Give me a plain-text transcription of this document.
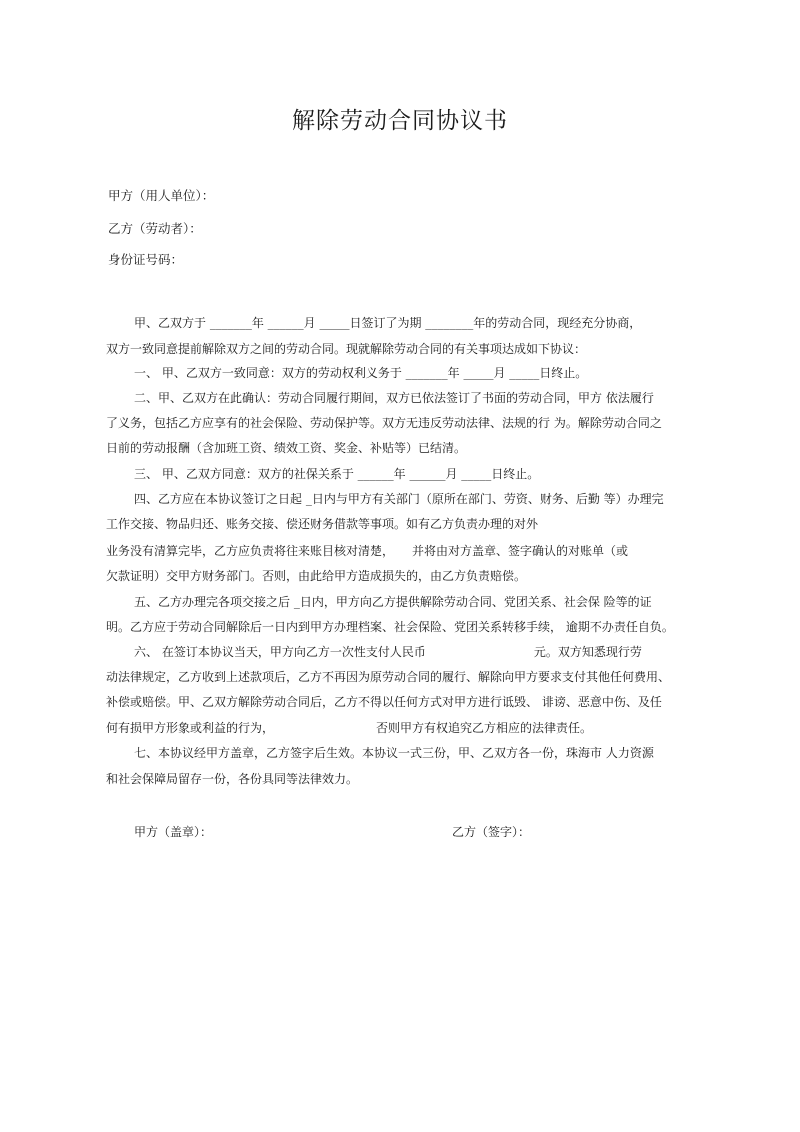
解除劳动合同协议书

甲方（用人单位）：

乙方（劳动者）：

身份证号码：

甲、乙双方于 _______年 ______月 _____日签订了为期 ________年的劳动合同，现经充分协商，

双方一致同意提前解除双方之间的劳动合同。现就解除劳动合同的有关事项达成如下协议：

一、 甲、乙双方一致同意：双方的劳动权利义务于 _______年 _____月 _____日终止。

二、甲、乙双方在此确认：劳动合同履行期间，双方已依法签订了书面的劳动合同，甲方 依法履行

了义务，包括乙方应享有的社会保险、劳动保护等。双方无违反劳动法律、法规的行 为。解除劳动合同之

日前的劳动报酬（含加班工资、绩效工资、奖金、补贴等）已结清。

三、 甲、乙双方同意：双方的社保关系于 ______年 ______月 _____日终止。

四、乙方应在本协议签订之日起 _日内与甲方有关部门（原所在部门、劳资、财务、后勤 等）办理完

工作交接、物品归还、账务交接、偿还财务借款等事项。如有乙方负责办理的对外

业务没有清算完毕，乙方应负责将往来账目核对清楚，　　并将由对方盖章、签字确认的对账单（或

欠款证明）交甲方财务部门。否则，由此给甲方造成损失的，由乙方负责赔偿。

五、乙方办理完各项交接之后 _日内，甲方向乙方提供解除劳动合同、党团关系、社会保 险等的证

明。乙方应于劳动合同解除后一日内到甲方办理档案、社会保险、党团关系转移手续， 逾期不办责任自负。

六、 在签订本协议当天，甲方向乙方一次性支付人民币　　　　　　　　　元。双方知悉现行劳

动法律规定，乙方收到上述款项后，乙方不再因为原劳动合同的履行、解除向甲方要求支付其他任何费用、

补偿或赔偿。甲、乙双方解除劳动合同后，乙方不得以任何方式对甲方进行诋毁、 诽谤、恶意中伤、及任

何有损甲方形象或利益的行为，　　　　　　　　　否则甲方有权追究乙方相应的法律责任。

七、本协议经甲方盖章，乙方签字后生效。本协议一式三份，甲、乙双方各一份，珠海市 人力资源

和社会保障局留存一份，各份具同等法律效力。

甲方（盖章）：	乙方（签字）：
